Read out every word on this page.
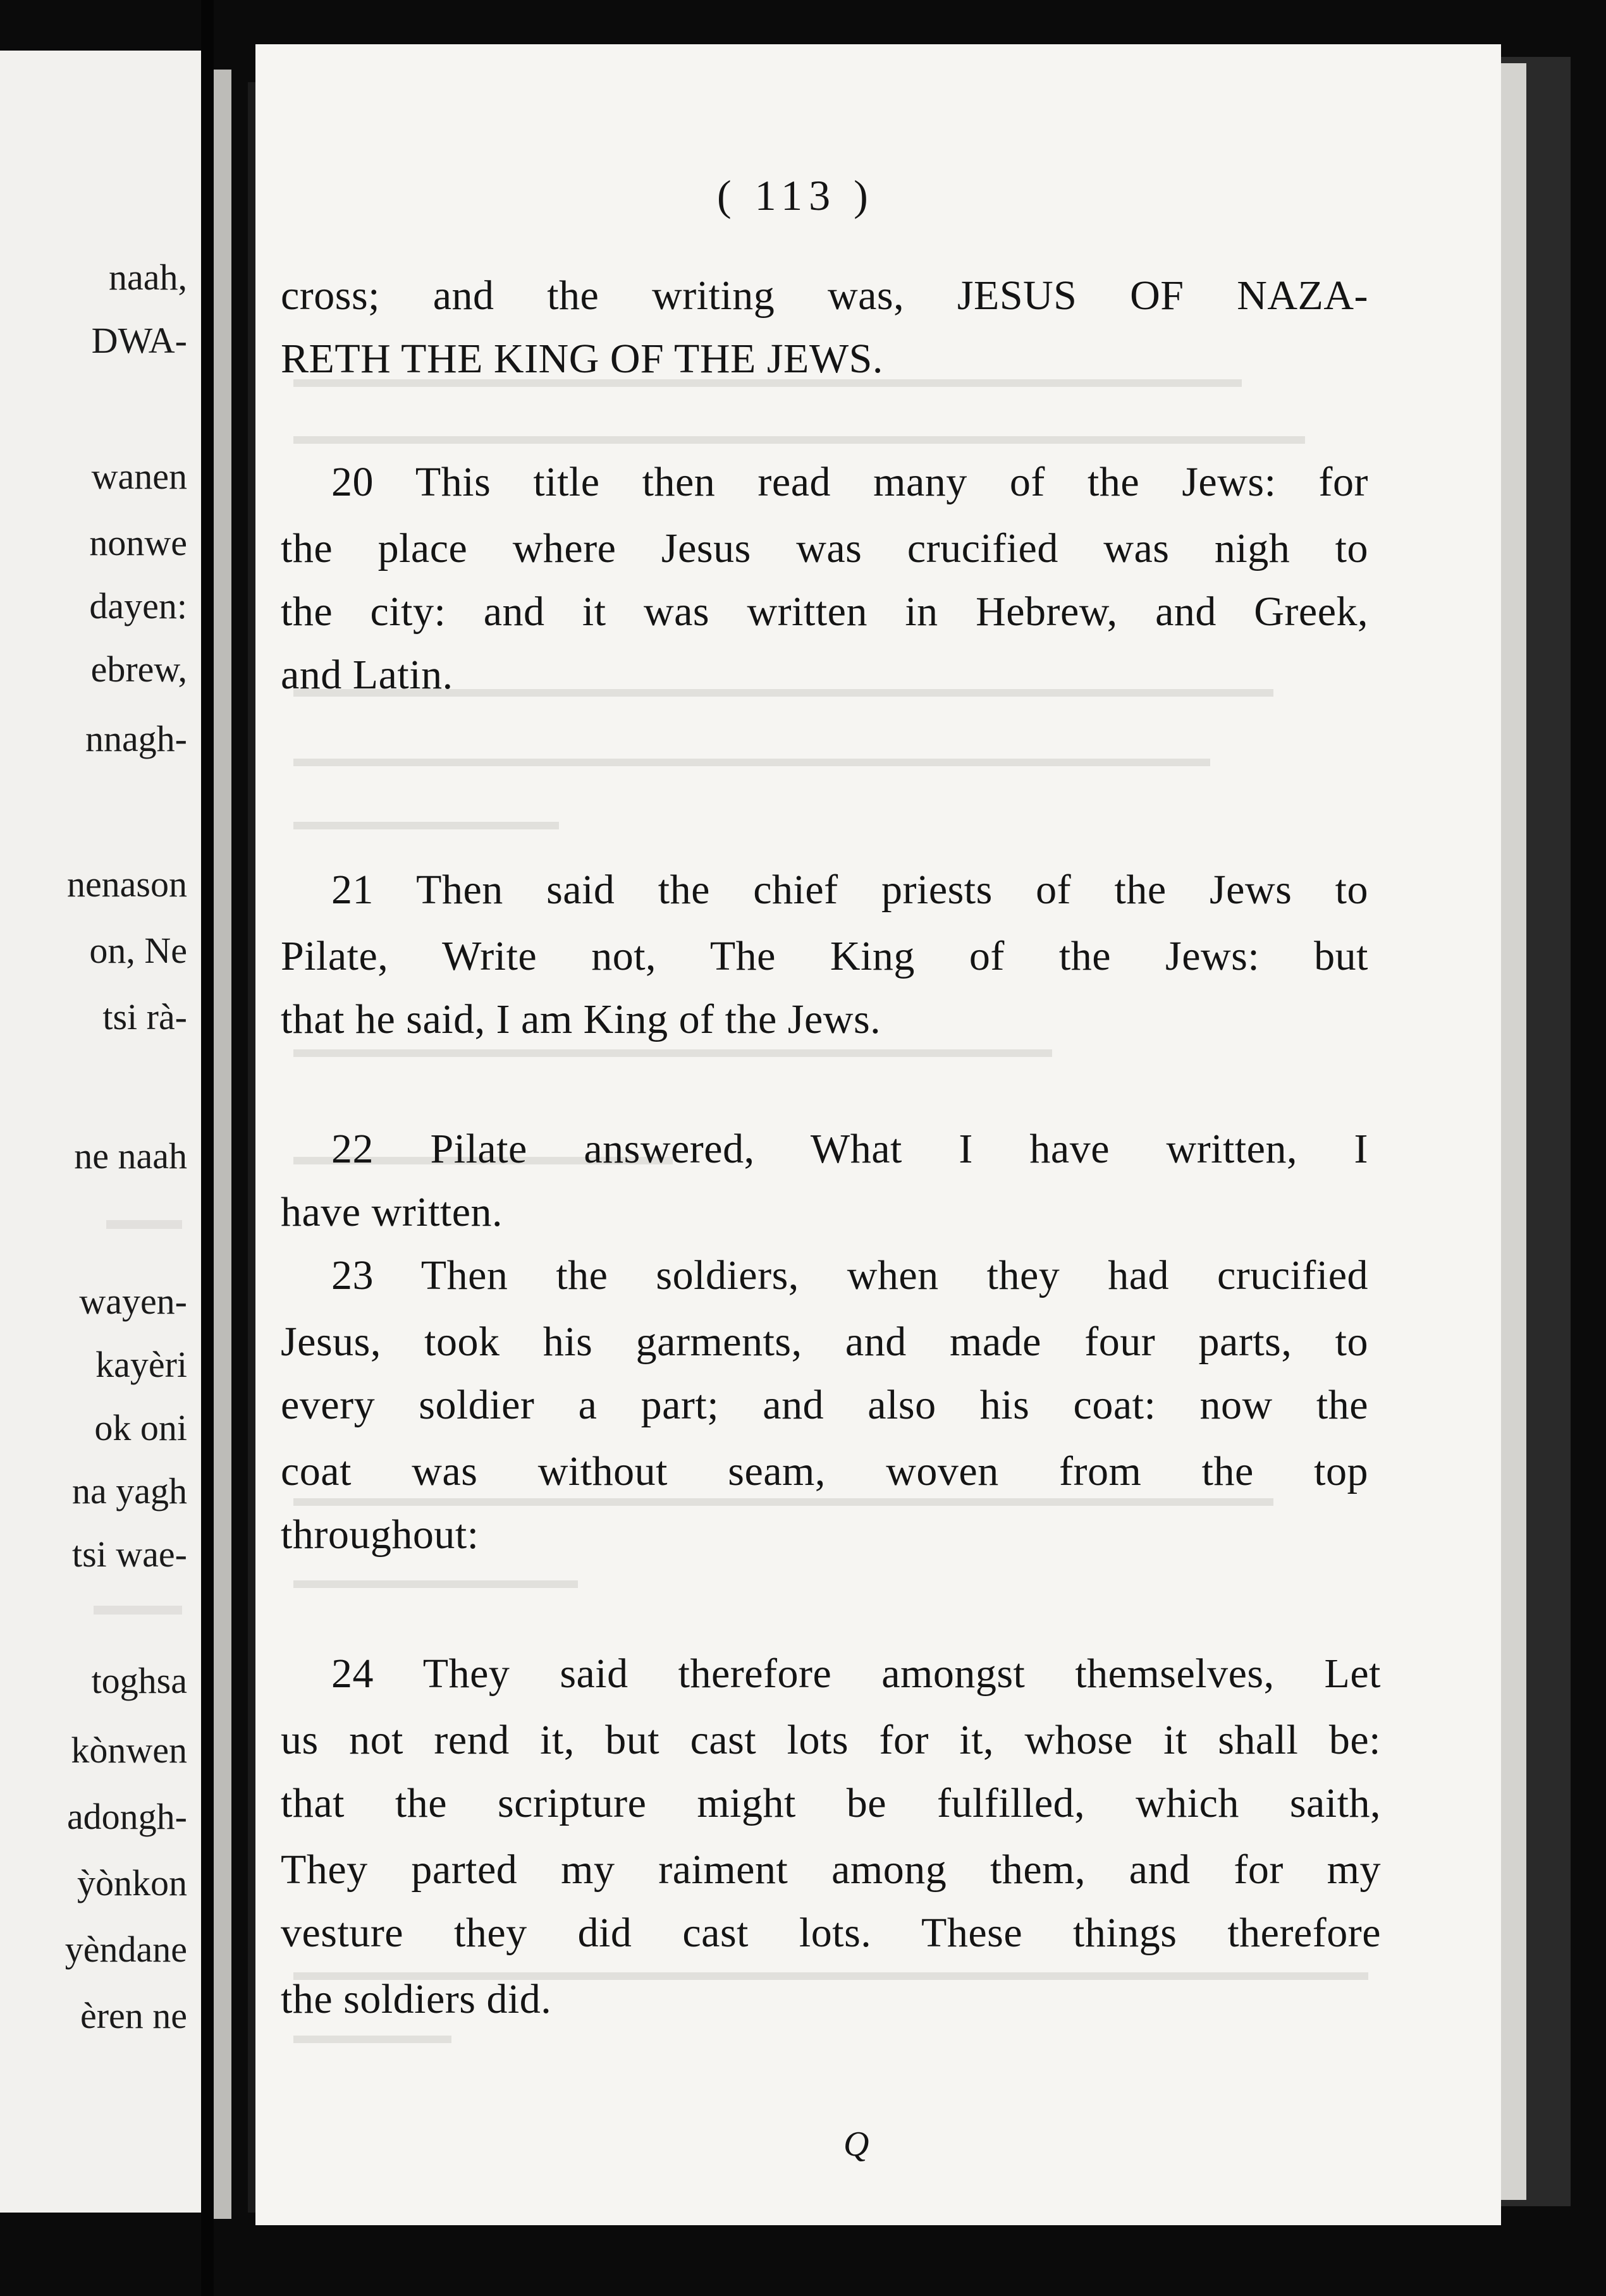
naah,

DWA-

wanen

nonwe

dayen:

ebrew,

nnagh-

nenason

on, Ne

tsi rà-

ne naah

wayen-

kayèri

ok oni

na yagh

tsi wae-

toghsa

kònwen

adongh-

ỳònkon

yèndane

èren ne

( 113 )

cross; and the writing was, JESUS OF NAZA-

RETH THE KING OF THE JEWS.

20 This title then read many of the Jews: for

the place where Jesus was crucified was nigh to

the city: and it was written in Hebrew, and Greek,

and Latin.

21 Then said the chief priests of the Jews to

Pilate, Write not, The King of the Jews: but

that he said, I am King of the Jews.

22 Pilate answered, What I have written, I

have written.

23 Then the soldiers, when they had crucified

Jesus, took his garments, and made four parts, to

every soldier a part; and also his coat: now the

coat was without seam, woven from the top

throughout:

24 They said therefore amongst themselves, Let

us not rend it, but cast lots for it, whose it shall be:

that the scripture might be fulfilled, which saith,

They parted my raiment among them, and for my

vesture they did cast lots. These things therefore

the soldiers did.

Q
